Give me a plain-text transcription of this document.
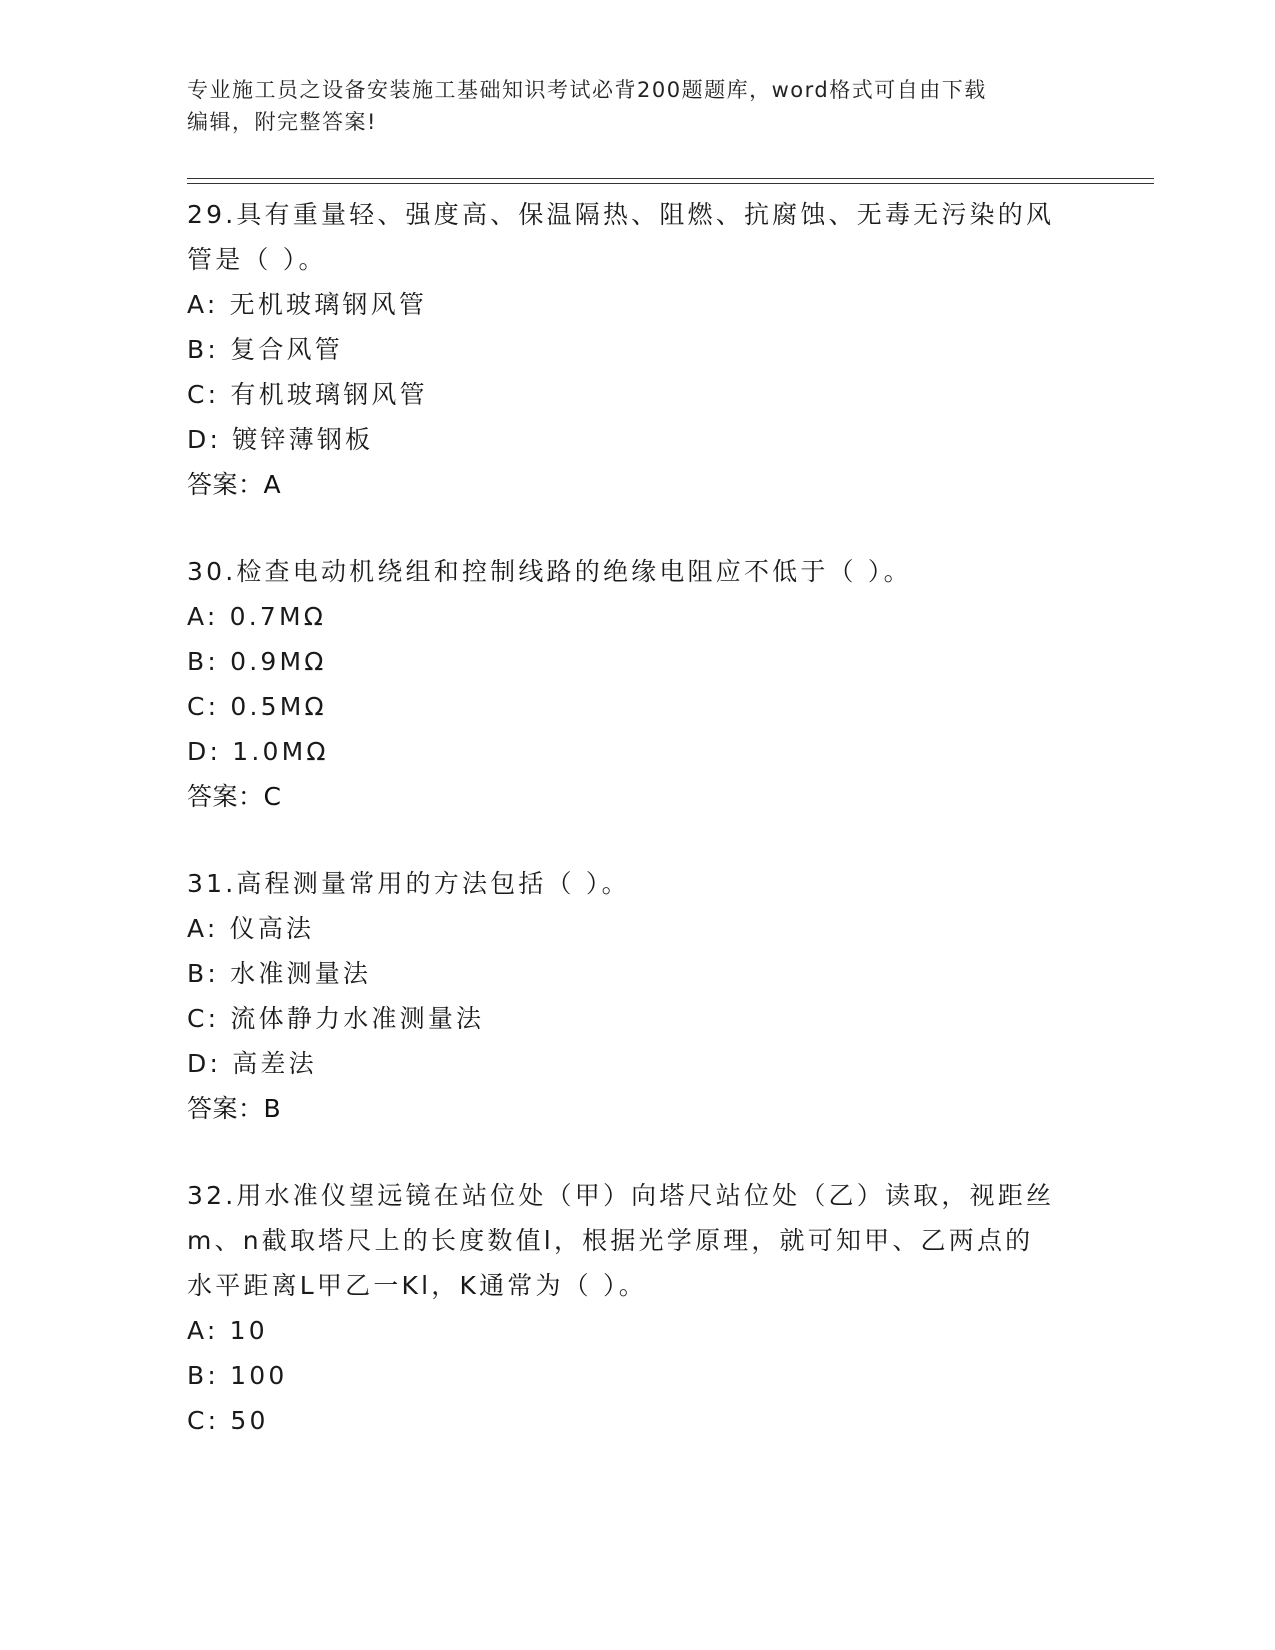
专业施工员之设备安装施工基础知识考试必背200题题库，word格式可自由下载
编辑，附完整答案!

29.具有重量轻、强度高、保温隔热、阻燃、抗腐蚀、无毒无污染的风

管是（ ）。

A: 无机玻璃钢风管

B: 复合风管

C: 有机玻璃钢风管

D: 镀锌薄钢板

答案：A

30.检查电动机绕组和控制线路的绝缘电阻应不低于（ ）。

A: 0.7MΩ

B: 0.9MΩ

C: 0.5MΩ

D: 1.0MΩ

答案：C

31.高程测量常用的方法包括（ ）。

A: 仪高法

B: 水准测量法

C: 流体静力水准测量法

D: 高差法

答案：B

32.用水准仪望远镜在站位处（甲）向塔尺站位处（乙）读取，视距丝

m、n截取塔尺上的长度数值l，根据光学原理，就可知甲、乙两点的

水平距离L甲乙一Kl，K通常为（ ）。

A: 10

B: 100

C: 50
